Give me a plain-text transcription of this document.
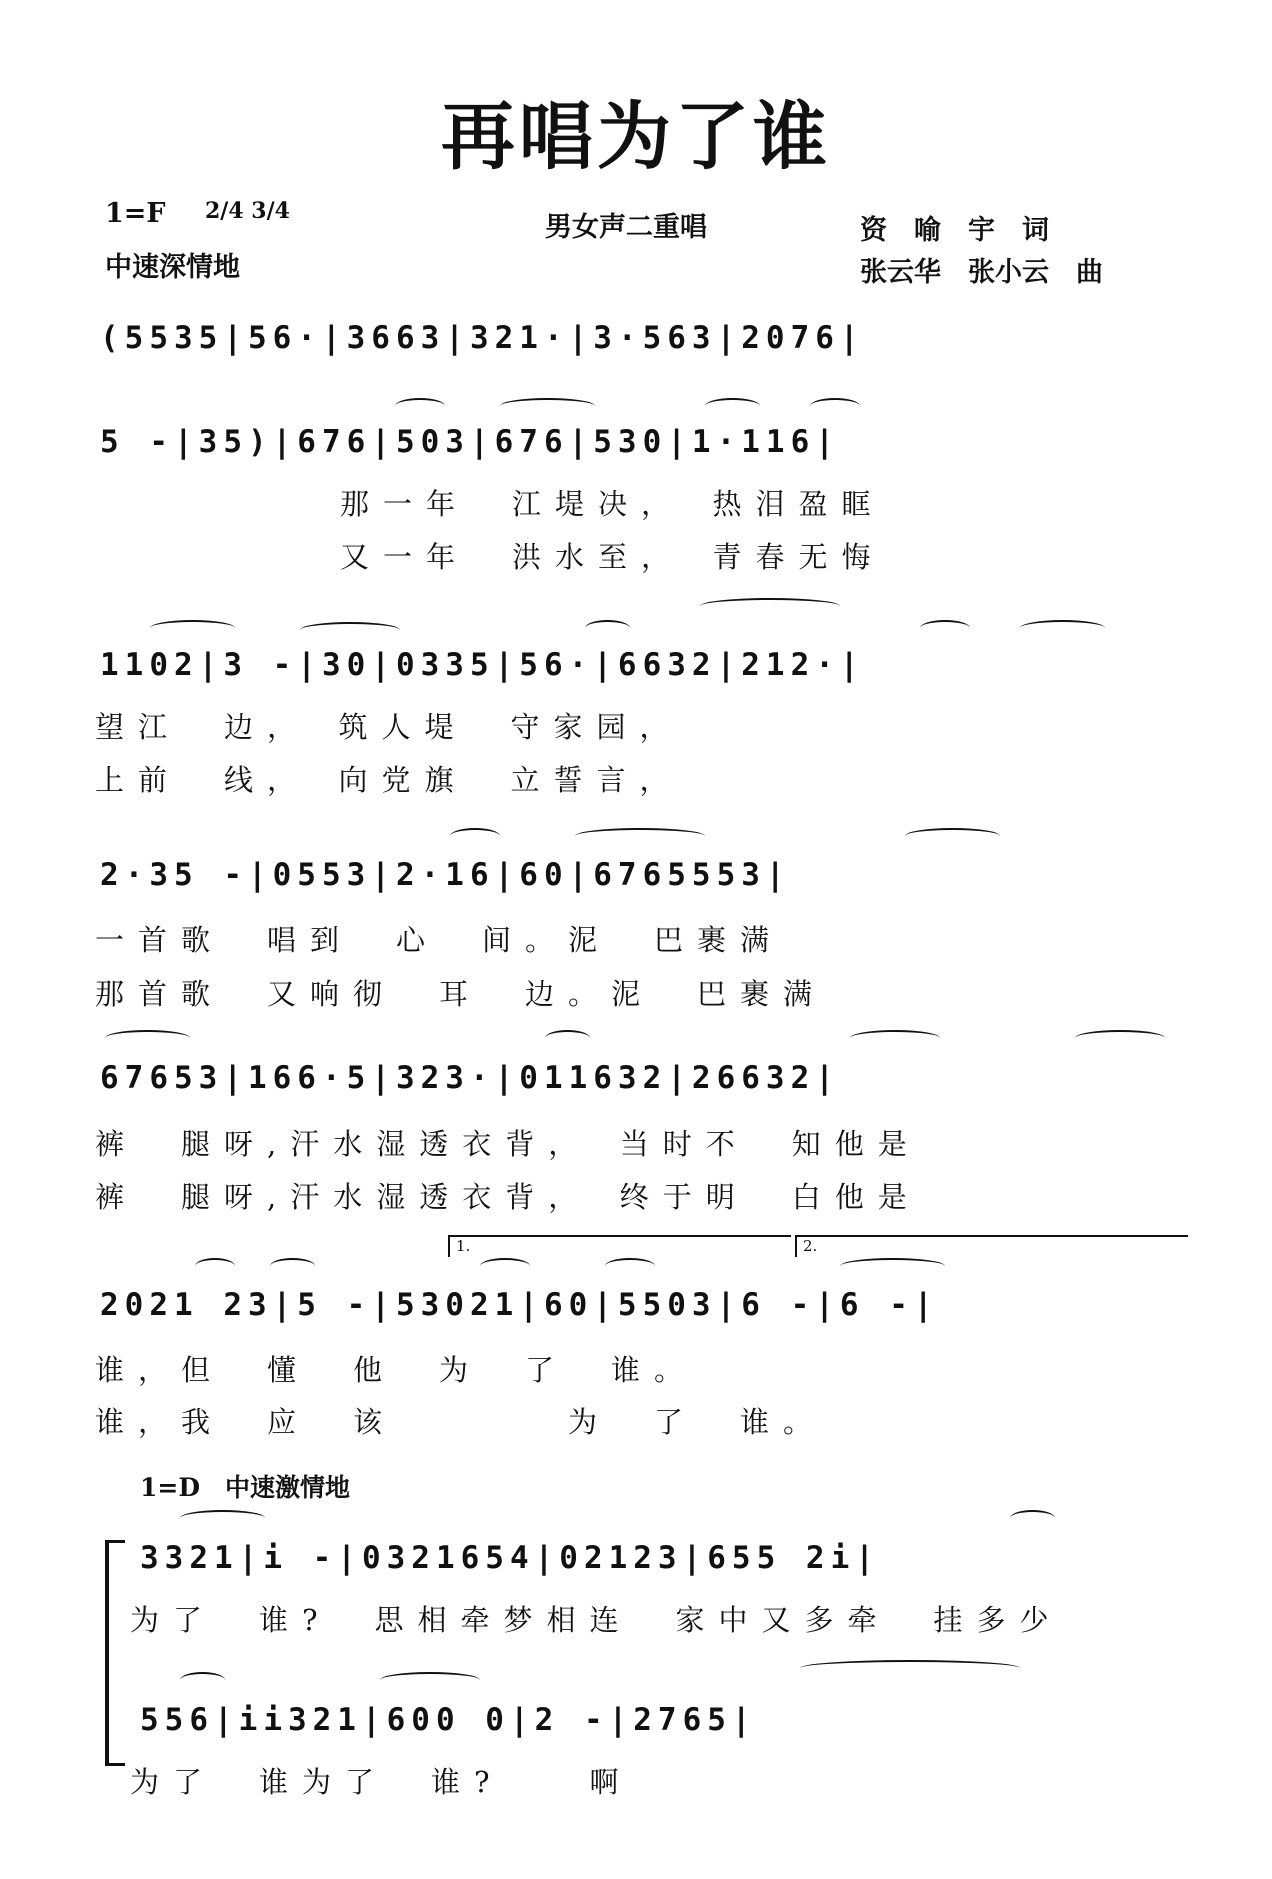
再唱为了谁
1=F 2/4 3/4
中速深情地
男女声二重唱	资　喻　宇　词
张云华　张小云　曲
(5535|56·|3663|321·|3·563|2076|
5 -|35)|676|503|676|530|1·116|
那一年　江堤决，　热泪盈眶
又一年　洪水至，　青春无悔
1102|3 -|30|0335|56·|6632|212·|
望江　边，　筑人堤　守家园，
上前　线，　向党旗　立誓言，
2·35 -|0553|2·16|60|6765553|
一首歌　唱到　心　间。泥　巴裹满
那首歌　又响彻　耳　边。泥　巴裹满
67653|166·5|323·|011632|26632|
裤　腿呀,汗水湿透衣背，　当时不　知他是
裤　腿呀,汗水湿透衣背，　终于明　白他是
1.	2.
2021 23|5 -|53021|60|5503|6 -|6 -|
谁，但　懂　他　为　了　谁。
谁，我　应　该　　　　为　了　谁。
1=D　中速激情地
3321|i -|0321654|02123|655 2i|
为了　谁?　思相牵梦相连　家中又多牵　挂多少
556|ii321|600 0|2 -|2765|
为了　谁为了　谁?　　啊
